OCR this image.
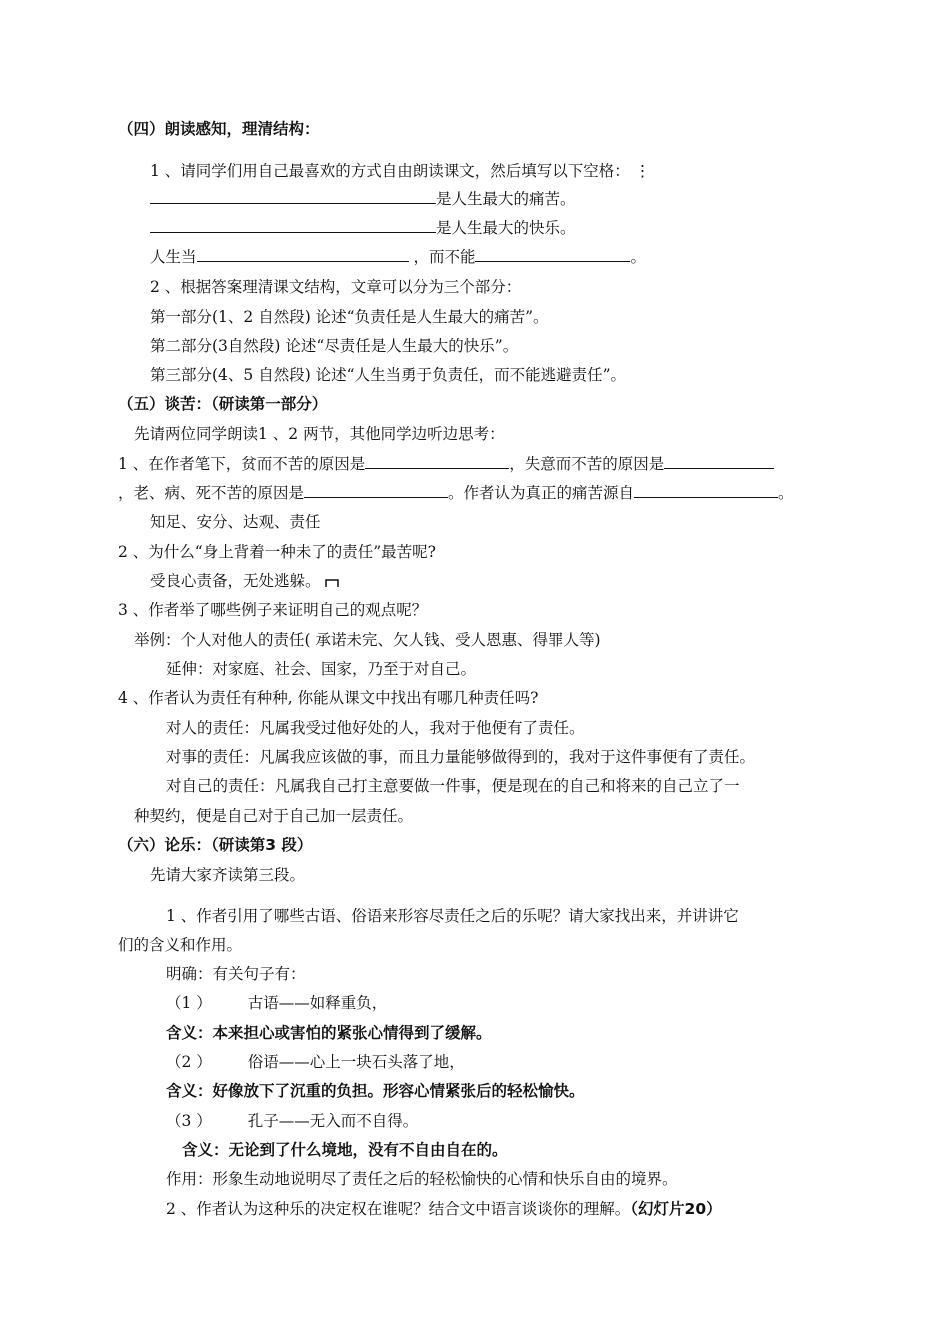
（四）朗读感知，理清结构：
1 、请同学们用自己最喜欢的方式自由朗读课文，然后填写以下空格： ⋮
是人生最大的痛苦。
是人生最大的快乐。
人生当	，而不能	。
2 、根据答案理清课文结构，文章可以分为三个部分：
第一部分(1、2 自然段) 论述“负责任是人生最大的痛苦”。
第二部分(3自然段) 论述“尽责任是人生最大的快乐”。
第三部分(4、5 自然段) 论述“人生当勇于负责任，而不能逃避责任”。
（五）谈苦：（研读第一部分）
先请两位同学朗读1 、2 两节，其他同学边听边思考：
1 、在作者笔下，贫而不苦的原因是	，失意而不苦的原因是
，老、病、死不苦的原因是	。作者认为真正的痛苦源自	。
知足、安分、达观、责任
2 、为什么“身上背着一种未了的责任”最苦呢?
受良心责备，无处逃躲。
3 、作者举了哪些例子来证明自己的观点呢？
举例：个人对他人的责任( 承诺未完、欠人钱、受人恩惠、得罪人等)
延伸：对家庭、社会、国家，乃至于对自己。
4 、作者认为责任有种种, 你能从课文中找出有哪几种责任吗?
对人的责任：凡属我受过他好处的人，我对于他便有了责任。
对事的责任：凡属我应该做的事，而且力量能够做得到的，我对于这件事便有了责任。
对自己的责任：凡属我自己打主意要做一件事，便是现在的自己和将来的自己立了一
种契约，便是自己对于自己加一层责任。
（六）论乐：（研读第3 段）
先请大家齐读第三段。
1 、作者引用了哪些古语、俗语来形容尽责任之后的乐呢？请大家找出来，并讲讲它
们的含义和作用。
明确：有关句子有：
（1 ） 古语——如释重负，
含义：本来担心或害怕的紧张心情得到了缓解。
（2 ） 俗语——心上一块石头落了地，
含义：好像放下了沉重的负担。形容心情紧张后的轻松愉快。
（3 ） 孔子——无入而不自得。
含义：无论到了什么境地，没有不自由自在的。
作用：形象生动地说明尽了责任之后的轻松愉快的心情和快乐自由的境界。
2 、作者认为这种乐的决定权在谁呢？结合文中语言谈谈你的理解。（幻灯片20）
